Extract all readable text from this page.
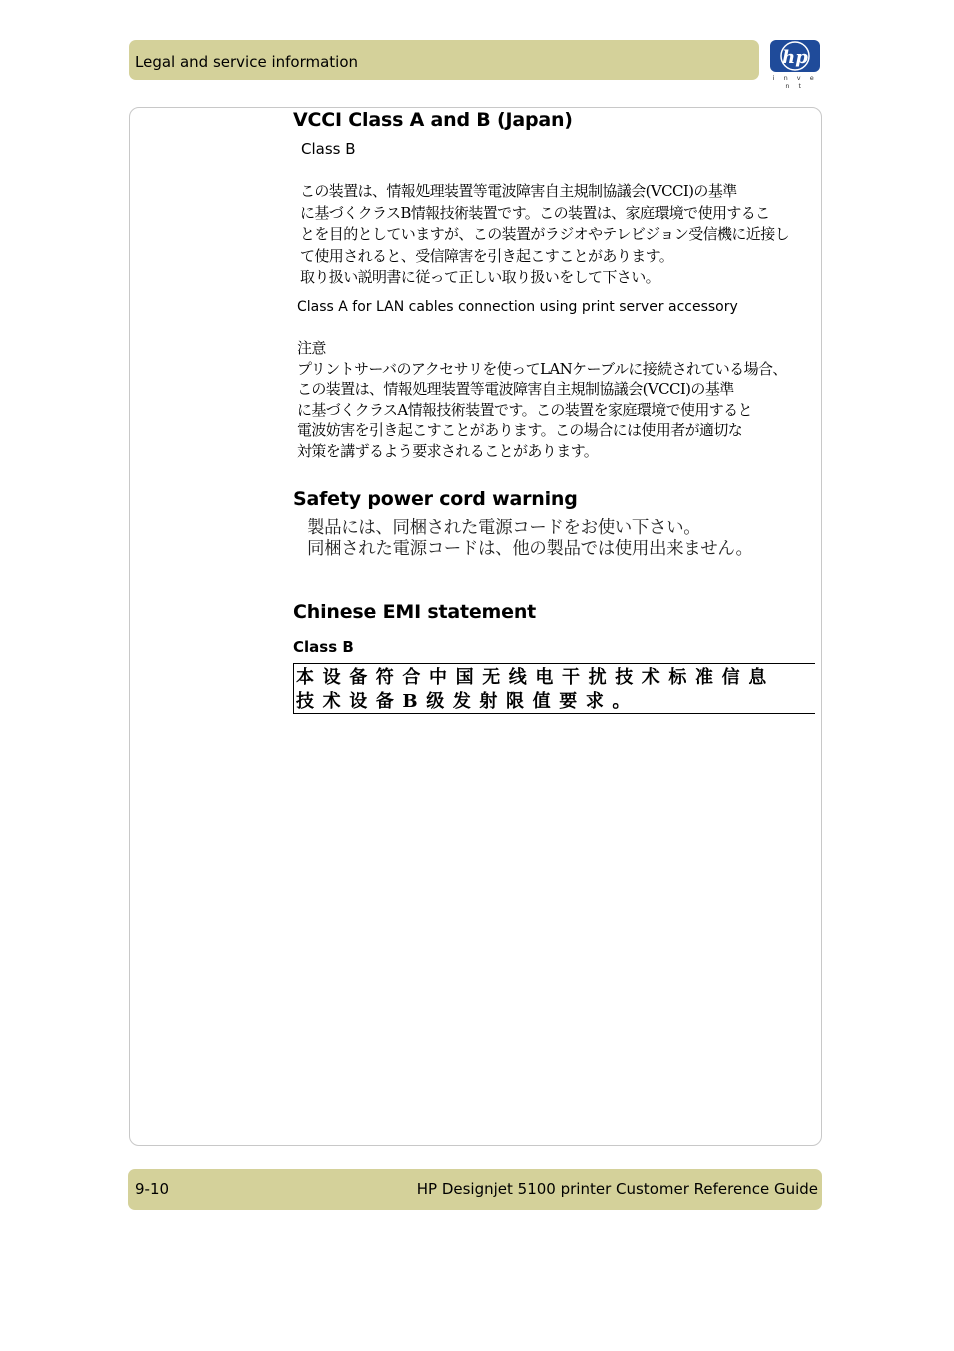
Legal and service information	hp
i n v e n t
VCCI Class A and B (Japan)
Class B
この装置は、情報処理装置等電波障害自主規制協議会(VCCI)の基準
に基づくクラスB情報技術装置です。この装置は、家庭環境で使用するこ
とを目的としていますが、この装置がラジオやテレビジョン受信機に近接し
て使用されると、受信障害を引き起こすことがあります。
取り扱い説明書に従って正しい取り扱いをして下さい。
Class A for LAN cables connection using print server accessory
注意
プリントサーバのアクセサリを使ってLANケーブルに接続されている場合、
この装置は、情報処理装置等電波障害自主規制協議会(VCCI)の基準
に基づくクラスA情報技術装置です。この装置を家庭環境で使用すると
電波妨害を引き起こすことがあります。この場合には使用者が適切な
対策を講ずるよう要求されることがあります。
Safety power cord warning
製品には、同梱された電源コードをお使い下さい。
同梱された電源コードは、他の製品では使用出来ません。
Chinese EMI statement
Class B
本设备符合中国无线电干扰技术标准信息
技术设备B级发射限值要求。
9-10	HP Designjet 5100 printer Customer Reference Guide
